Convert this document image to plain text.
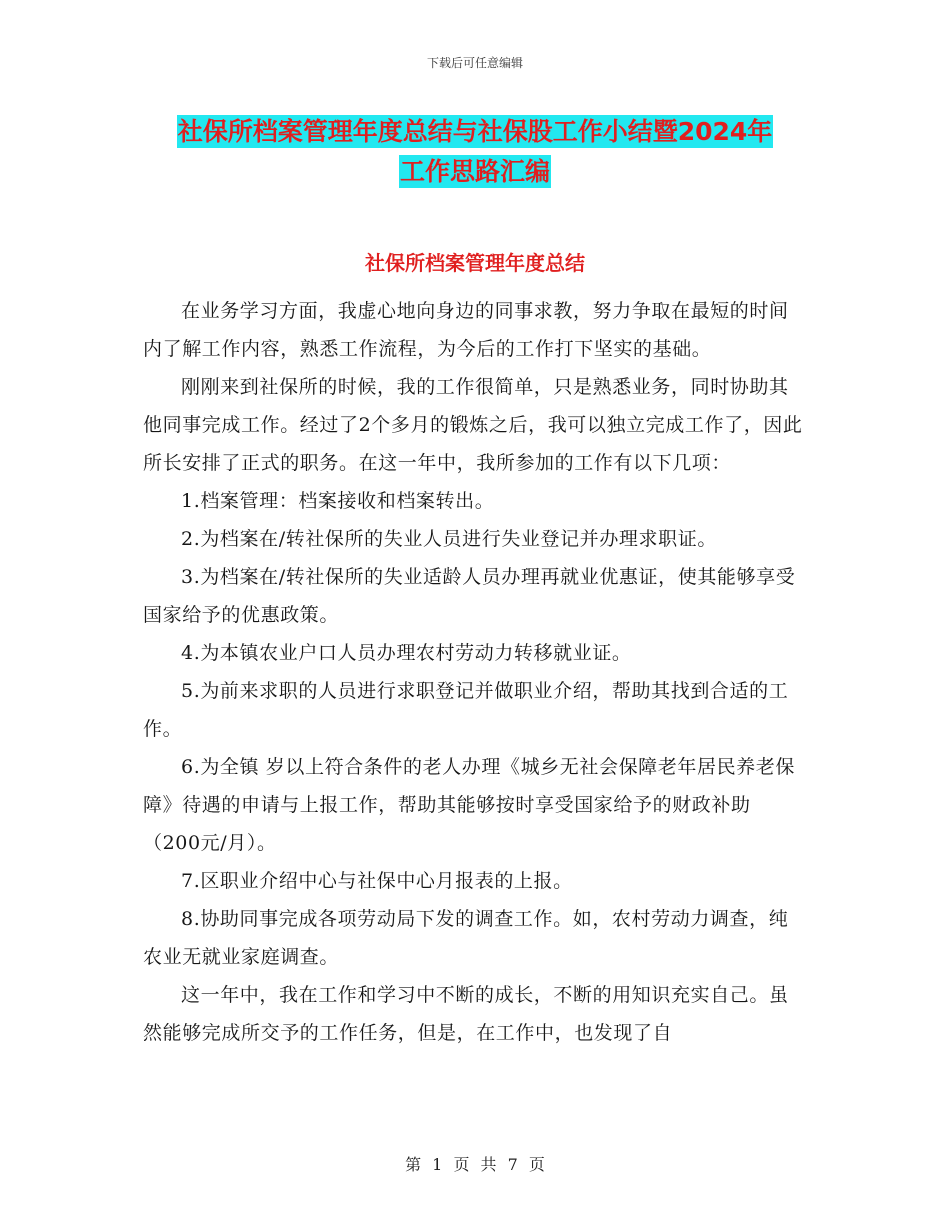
下载后可任意编辑
社保所档案管理年度总结与社保股工作小结暨2024年
工作思路汇编
社保所档案管理年度总结

在业务学习方面，我虚心地向身边的同事求教，努力争取在最短的时间内了解工作内容，熟悉工作流程，为今后的工作打下坚实的基础。

刚刚来到社保所的时候，我的工作很简单，只是熟悉业务，同时协助其他同事完成工作。经过了2个多月的锻炼之后，我可以独立完成工作了，因此所长安排了正式的职务。在这一年中，我所参加的工作有以下几项：

1.档案管理：档案接收和档案转出。

2.为档案在/转社保所的失业人员进行失业登记并办理求职证。

3.为档案在/转社保所的失业适龄人员办理再就业优惠证，使其能够享受国家给予的优惠政策。

4.为本镇农业户口人员办理农村劳动力转移就业证。

5.为前来求职的人员进行求职登记并做职业介绍，帮助其找到合适的工作。

6.为全镇 岁以上符合条件的老人办理《城乡无社会保障老年居民养老保障》待遇的申请与上报工作，帮助其能够按时享受国家给予的财政补助（200元/月）。

7.区职业介绍中心与社保中心月报表的上报。

8.协助同事完成各项劳动局下发的调查工作。如，农村劳动力调查，纯农业无就业家庭调查。

这一年中，我在工作和学习中不断的成长，不断的用知识充实自己。虽然能够完成所交予的工作任务，但是，在工作中，也发现了自

第 1 页 共 7 页
